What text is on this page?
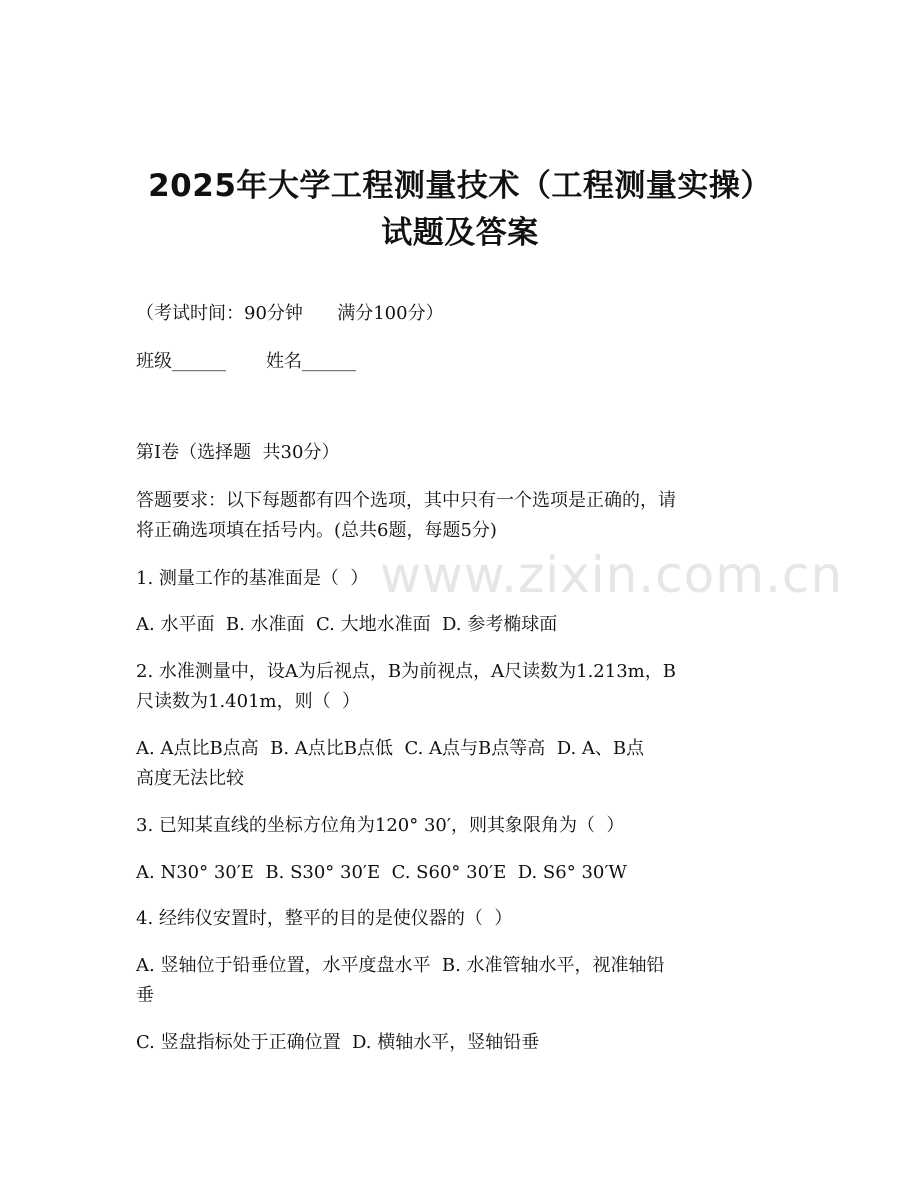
www.zixin.com.cn
2025年大学工程测量技术（工程测量实操）
试题及答案
（考试时间：90分钟      满分100分）
班级______       姓名______
第I卷（选择题  共30分）
答题要求：以下每题都有四个选项，其中只有一个选项是正确的，请
将正确选项填在括号内。(总共6题，每题5分)
1. 测量工作的基准面是（  ）
A. 水平面  B. 水准面  C. 大地水准面  D. 参考椭球面
2. 水准测量中，设A为后视点，B为前视点，A尺读数为1.213m，B
尺读数为1.401m，则（  ）
A. A点比B点高  B. A点比B点低  C. A点与B点等高  D. A、B点
高度无法比较
3. 已知某直线的坐标方位角为120° 30′，则其象限角为（  ）
A. N30° 30′E  B. S30° 30′E  C. S60° 30′E  D. S6° 30′W
4. 经纬仪安置时，整平的目的是使仪器的（  ）
A. 竖轴位于铅垂位置，水平度盘水平  B. 水准管轴水平，视准轴铅
垂
C. 竖盘指标处于正确位置  D. 横轴水平，竖轴铅垂
